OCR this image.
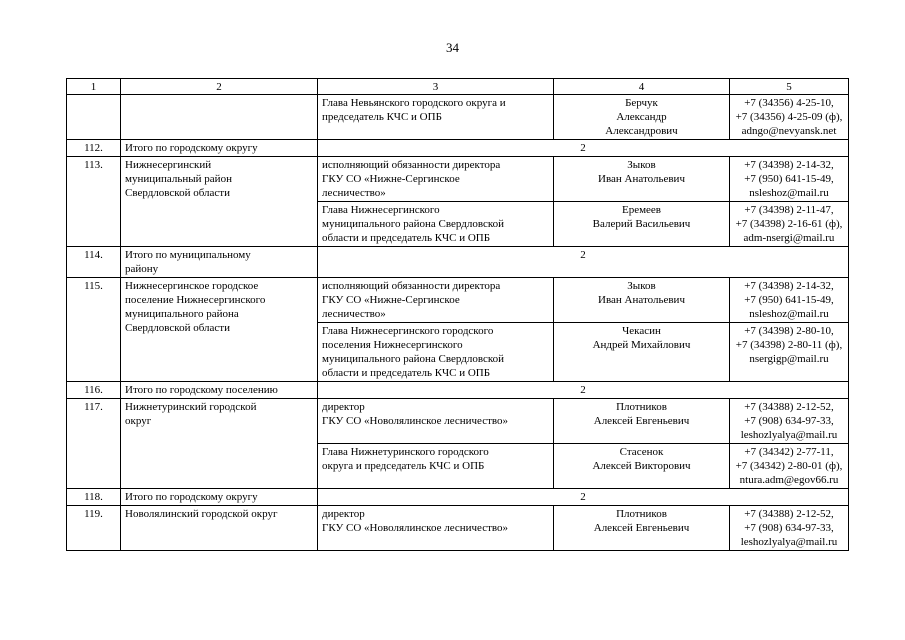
34
1	2	3	4	5

		Глава Невьянского городского округа и
председатель КЧС и ОПБ	Берчук
Александр
Александрович	+7 (34356) 4-25-10,
+7 (34356) 4-25-09 (ф),
adngo@nevyansk.net

112.	Итого по городскому округу	2		
113.	Нижнесергинский
муниципальный район
Свердловской области	исполняющий обязанности директора
ГКУ СО «Нижне-Сергинское
лесничество»	Зыков
Иван Анатольевич	+7 (34398) 2-14-32,
+7 (950) 641-15-49,
nsleshoz@mail.ru

		Глава Нижнесергинского
муниципального района Свердловской
области и председатель КЧС и ОПБ	Еремеев
Валерий Васильевич	+7 (34398) 2-11-47,
+7 (34398) 2-16-61 (ф),
adm-nsergi@mail.ru

114.	Итого по муниципальному
району	2		
115.	Нижнесергинское городское
поселение Нижнесергинского
муниципального района
Свердловской области	исполняющий обязанности директора
ГКУ СО «Нижне-Сергинское
лесничество»	Зыков
Иван Анатольевич	+7 (34398) 2-14-32,
+7 (950) 641-15-49,
nsleshoz@mail.ru

		Глава Нижнесергинского городского
поселения Нижнесергинского
муниципального района Свердловской
области и председатель КЧС и ОПБ	Чекасин
Андрей Михайлович	+7 (34398) 2-80-10,
+7 (34398) 2-80-11 (ф),
nsergigp@mail.ru

116.	Итого по городскому поселению	2		
117.	Нижнетуринский городской
округ	директор
ГКУ СО «Новолялинское лесничество»	Плотников
Алексей Евгеньевич	+7 (34388) 2-12-52,
+7 (908) 634-97-33,
leshozlyalya@mail.ru

		Глава Нижнетуринского городского
округа и председатель КЧС и ОПБ	Стасенок
Алексей Викторович	+7 (34342) 2-77-11,
+7 (34342) 2-80-01 (ф),
ntura.adm@egov66.ru

118.	Итого по городскому округу	2		
119.	Новолялинский городской округ	директор
ГКУ СО «Новолялинское лесничество»	Плотников
Алексей Евгеньевич	+7 (34388) 2-12-52,
+7 (908) 634-97-33,
leshozlyalya@mail.ru
